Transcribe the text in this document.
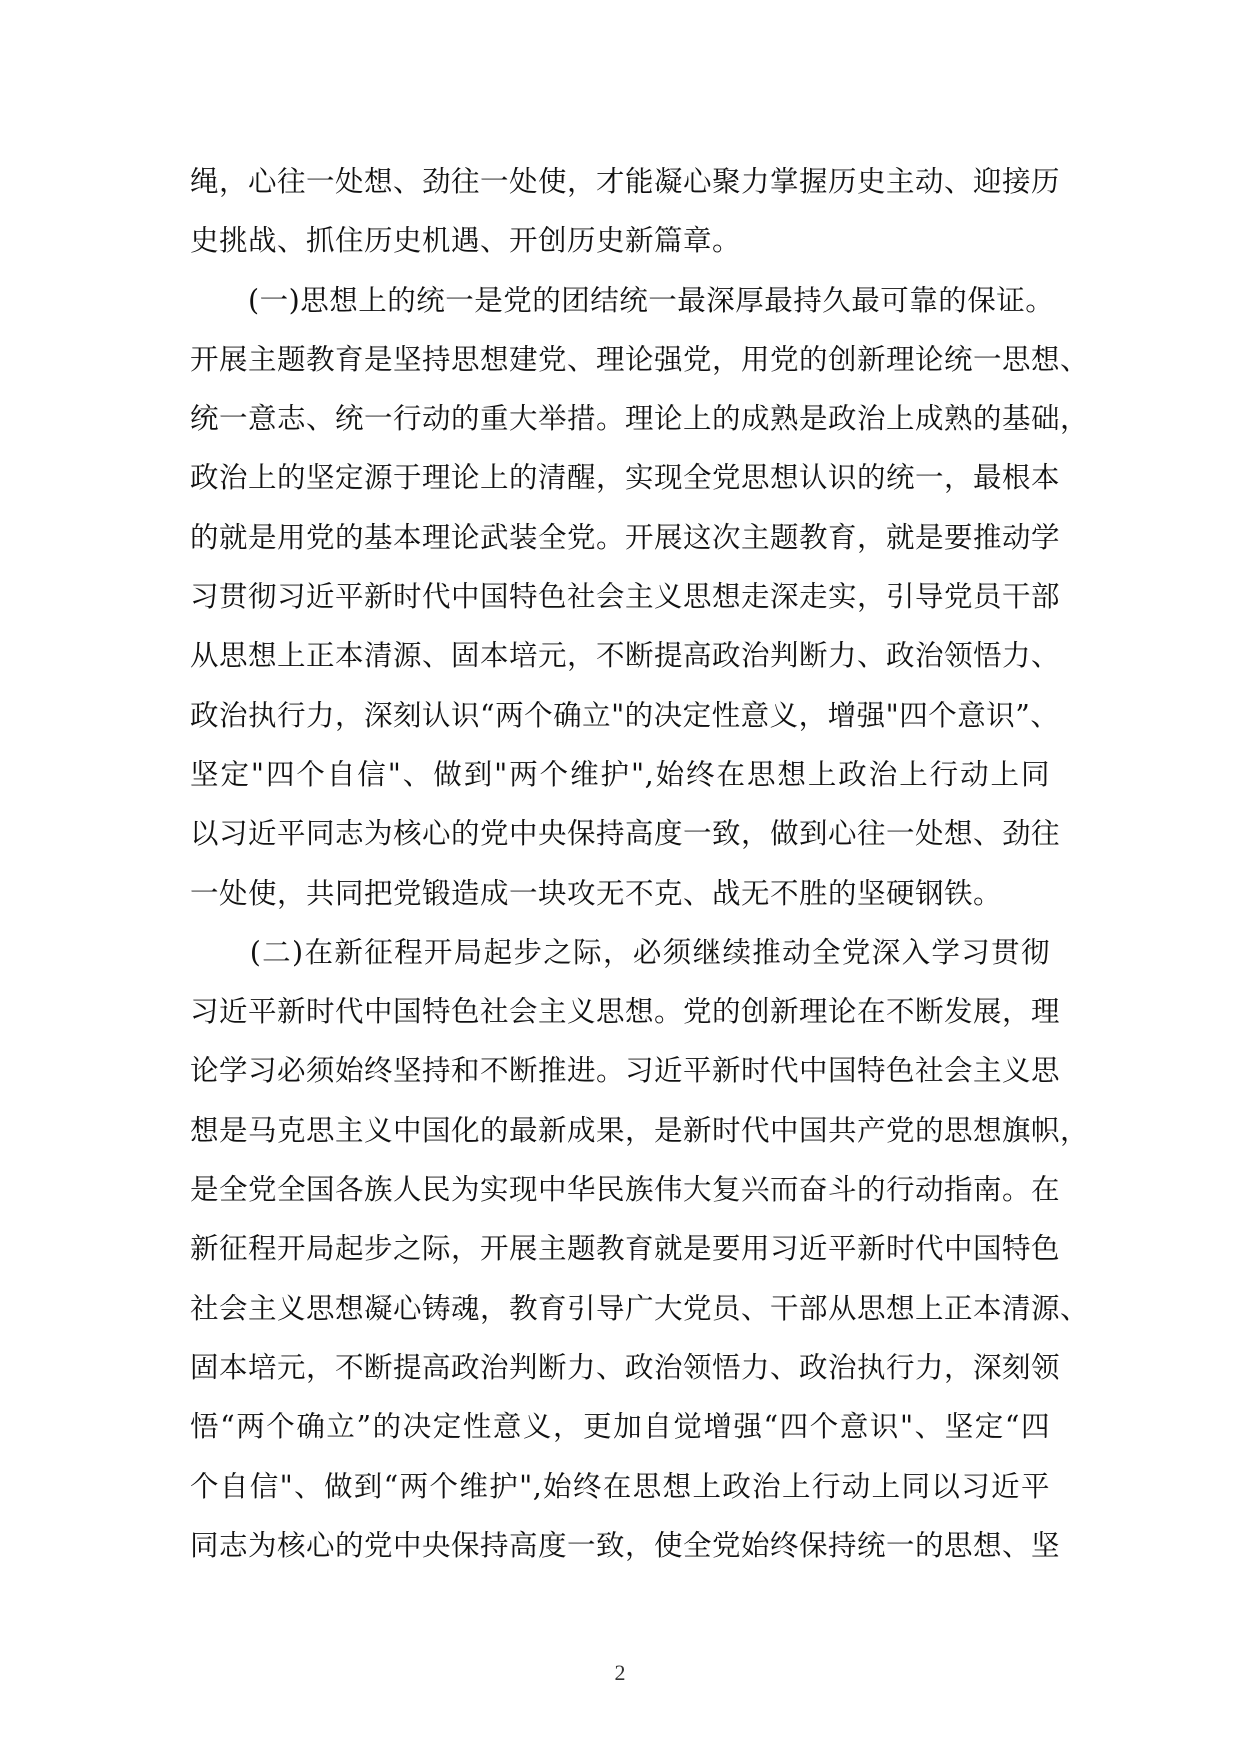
绳，心往一处想、劲往一处使，才能凝心聚力掌握历史主动、迎接历
史挑战、抓住历史机遇、开创历史新篇章。
　　(一)思想上的统一是党的团结统一最深厚最持久最可靠的保证。
开展主题教育是坚持思想建党、理论强党，用党的创新理论统一思想、
统一意志、统一行动的重大举措。理论上的成熟是政治上成熟的基础，
政治上的坚定源于理论上的清醒，实现全党思想认识的统一，最根本
的就是用党的基本理论武装全党。开展这次主题教育，就是要推动学
习贯彻习近平新时代中国特色社会主义思想走深走实，引导党员干部
从思想上正本清源、固本培元，不断提高政治判断力、政治领悟力、
政治执行力，深刻认识“两个确立"的决定性意义，增强"四个意识”、
坚定"四个自信"、做到"两个维护",始终在思想上政治上行动上同
以习近平同志为核心的党中央保持高度一致，做到心往一处想、劲往
一处使，共同把党锻造成一块攻无不克、战无不胜的坚硬钢铁。
　　(二)在新征程开局起步之际，必须继续推动全党深入学习贯彻
习近平新时代中国特色社会主义思想。党的创新理论在不断发展，理
论学习必须始终坚持和不断推进。习近平新时代中国特色社会主义思
想是马克思主义中国化的最新成果，是新时代中国共产党的思想旗帜，
是全党全国各族人民为实现中华民族伟大复兴而奋斗的行动指南。在
新征程开局起步之际，开展主题教育就是要用习近平新时代中国特色
社会主义思想凝心铸魂，教育引导广大党员、干部从思想上正本清源、
固本培元，不断提高政治判断力、政治领悟力、政治执行力，深刻领
悟“两个确立”的决定性意义，更加自觉增强“四个意识"、坚定“四
个自信"、做到“两个维护",始终在思想上政治上行动上同以习近平
同志为核心的党中央保持高度一致，使全党始终保持统一的思想、坚
2
